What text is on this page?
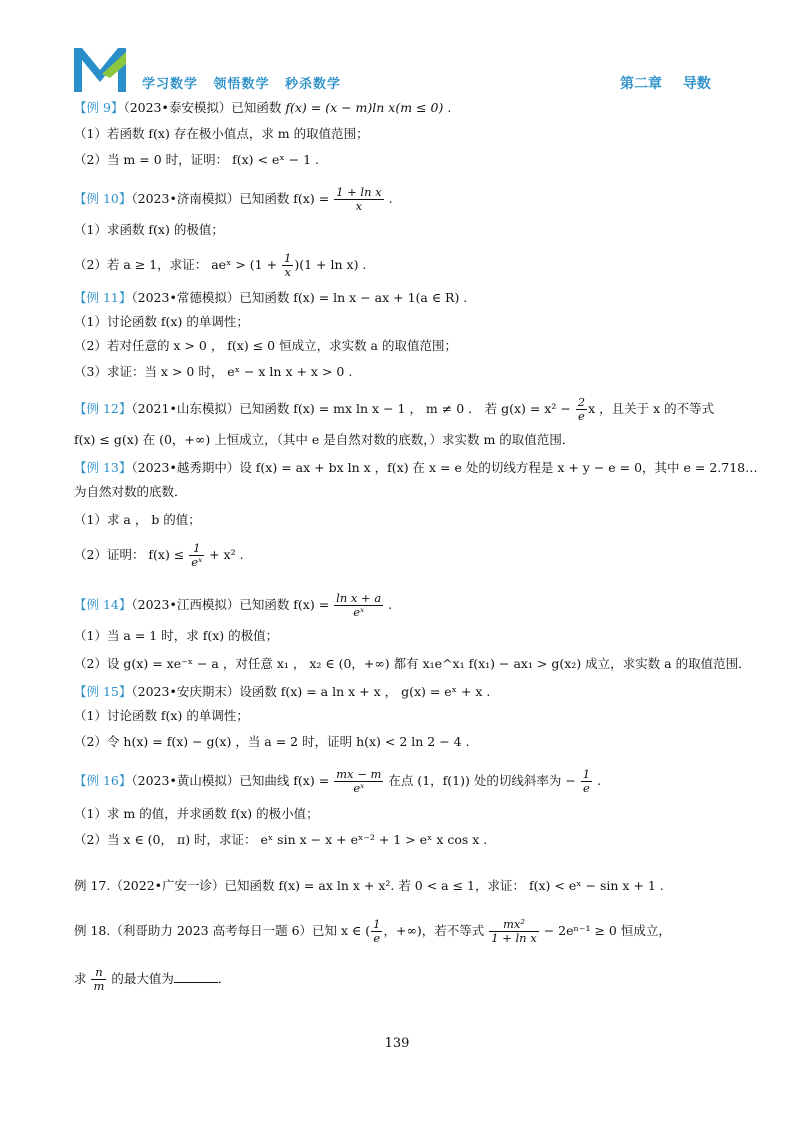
学习数学 领悟数学 秒杀数学	第二章 导数
【例 9】（2023•泰安模拟）已知函数 f(x) = (x − m)ln x(m ≤ 0) .
（1）若函数 f(x) 存在极小值点，求 m 的取值范围；
（2）当 m = 0 时，证明： f(x) < eˣ − 1 .
【例 10】（2023•济南模拟）已知函数 $f(x) = \frac{\text{1 + ln x}}{x}$ .
（1）求函数 f(x) 的极值；
（2）若 a ≥ 1，求证： aeˣ > $(1 + \frac{1}{x} )(1 + \ln x)$ .
【例 11】（2023•常德模拟）已知函数 f(x) = ln x − ax + 1(a ∈ R) .
（1）讨论函数 f(x) 的单调性；
（2）若对任意的 x > 0 ， f(x) ≤ 0 恒成立，求实数 a 的取值范围；
（3）求证：当 x > 0 时， eˣ − x ln x + x > 0 .
【例 12】（2021•山东模拟）已知函数 f(x) = mx ln x − 1 ， m ≠ 0 ． 若 $g(x) = x^2 - \frac{2}{e}$ x ，且关于 x 的不等式
f(x) ≤ g(x) 在 (0，+∞) 上恒成立，（其中 e 是自然对数的底数，）求实数 m 的取值范围．
【例 13】（2023•越秀期中）设 f(x) = ax + bx ln x ，f(x) 在 x = e 处的切线方程是 x + y − e = 0，其中 e = 2.718…
为自然对数的底数．
（1）求 a ， b 的值；
（2）证明： $f(x) \le \frac{1}{\text{eˣ}} + x^2$ .
【例 14】（2023•江西模拟）已知函数 $f(x) = \frac{\text{ln x + a}}{\text{eˣ}}$ .
（1）当 a = 1 时，求 f(x) 的极值；
（2）设 g(x) = xe⁻ˣ − a ，对任意 x₁ ， x₂ ∈ (0，+∞) 都有 x₁e^x₁ f(x₁) − ax₁ > g(x₂) 成立，求实数 a 的取值范围．
【例 15】（2023•安庆期末）设函数 f(x) = a ln x + x ， g(x) = eˣ + x .
（1）讨论函数 f(x) 的单调性；
（2）令 h(x) = f(x) − g(x) ，当 a = 2 时，证明 h(x) < 2 ln 2 − 4 .
【例 16】（2023•黄山模拟）已知曲线 $f(x) = \frac{mx - m}{\text{eˣ}}$ 在点 (1，f(1)) 处的切线斜率为 − $\frac{1}{e}$ .
（1）求 m 的值，并求函数 f(x) 的极小值；
（2）当 x ∈ (0， π) 时，求证： eˣ sin x − x + eˣ⁻² + 1 > eˣ x cos x .
例 17.（2022•广安一诊）已知函数 f(x) = ax ln x + x². 若 0 < a ≤ 1，求证： f(x) < eˣ − sin x + 1 .
例 18.（利哥助力 2023 高考每日一题 6）已知 x ∈ ( $\frac{1}{e}$ ，+∞)，若不等式 $\frac{\text{mx²}}{\text{1 + ln x}} - 2e^{n-1} \ge 0$ 恒成立，
求 $\frac{n}{m}$ 的最大值为	．
139
